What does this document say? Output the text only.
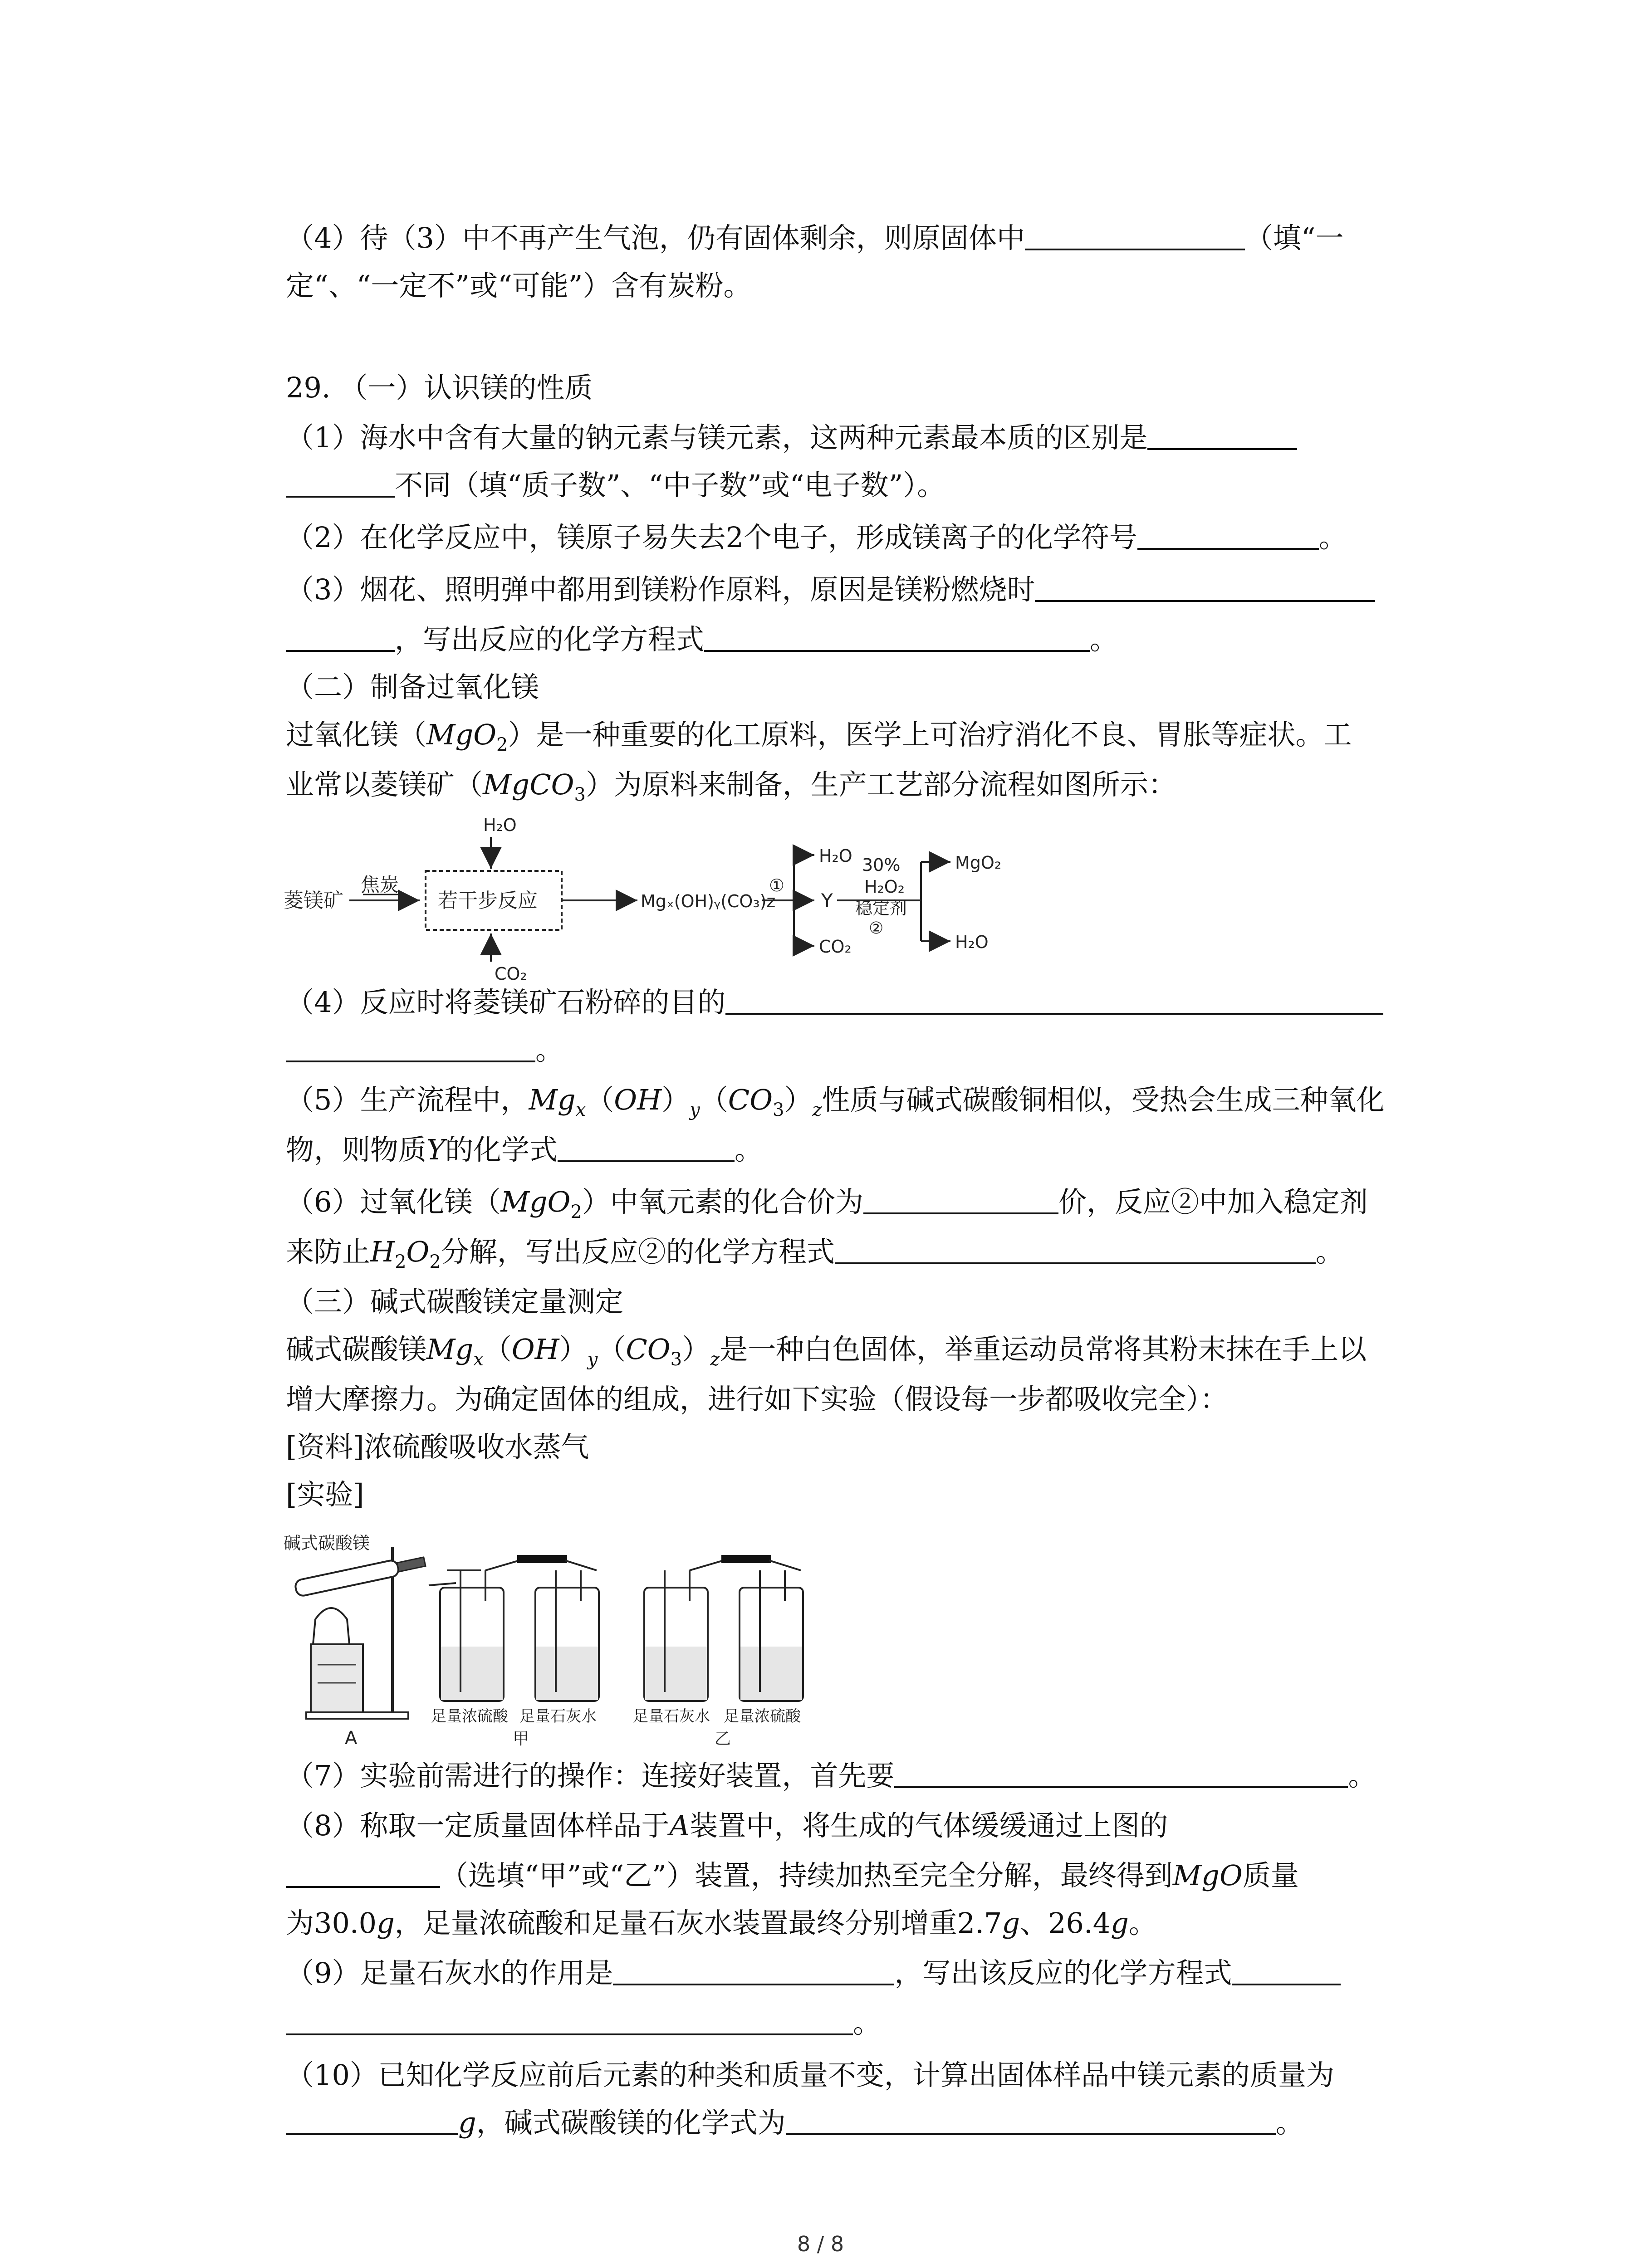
（4）待（3）中不再产生气泡，仍有固体剩余，则原固体中	（填“一
定“、“一定不”或“可能”）含有炭粉。
29. （一）认识镁的性质
（1）海水中含有大量的钠元素与镁元素，这两种元素最本质的区别是
不同（填“质子数”、“中子数”或“电子数”）。
（2）在化学反应中，镁原子易失去2个电子，形成镁离子的化学符号	。
（3）烟花、照明弹中都用到镁粉作原料，原因是镁粉燃烧时
，写出反应的化学方程式	。
（二）制备过氧化镁
过氧化镁（MgO$_2$）是一种重要的化工原料，医学上可治疗消化不良、胃胀等症状。工
业常以菱镁矿（MgCO$_3$）为原料来制备，生产工艺部分流程如图所示：
菱镁矿
焦炭
若干步反应
H₂O
CO₂
Mgₓ(OH)ᵧ(CO₃)z
①
H₂O
Y
CO₂
30%
H₂O₂
稳定剂
②
MgO₂
H₂O
（4）反应时将菱镁矿石粉碎的目的
。
（5）生产流程中，$Mg_x(OH)_y(CO_3)_z$性质与碱式碳酸铜相似，受热会生成三种氧化
物，则物质Y的化学式	。
（6）过氧化镁（MgO$_2$）中氧元素的化合价为	价，反应②中加入稳定剂
来防止$H_2O_2$分解，写出反应②的化学方程式	。
（三）碱式碳酸镁定量测定
碱式碳酸镁$Mg_x(OH)_y(CO_3)_z$是一种白色固体，举重运动员常将其粉末抹在手上以
增大摩擦力。为确定固体的组成，进行如下实验（假设每一步都吸收完全）：
[资料]浓硫酸吸收水蒸气
[实验]
碱式碳酸镁
A
足量浓硫酸 足量石灰水
甲
足量石灰水 足量浓硫酸
乙
（7）实验前需进行的操作：连接好装置，首先要	。
（8）称取一定质量固体样品于A装置中，将生成的气体缓缓通过上图的
（选填“甲”或“乙”）装置，持续加热至完全分解，最终得到MgO质量
为30.0g，足量浓硫酸和足量石灰水装置最终分别增重2.7g、26.4g。
（9）足量石灰水的作用是	，写出该反应的化学方程式
。
（10）已知化学反应前后元素的种类和质量不变，计算出固体样品中镁元素的质量为
g，碱式碳酸镁的化学式为	。
8 / 8
